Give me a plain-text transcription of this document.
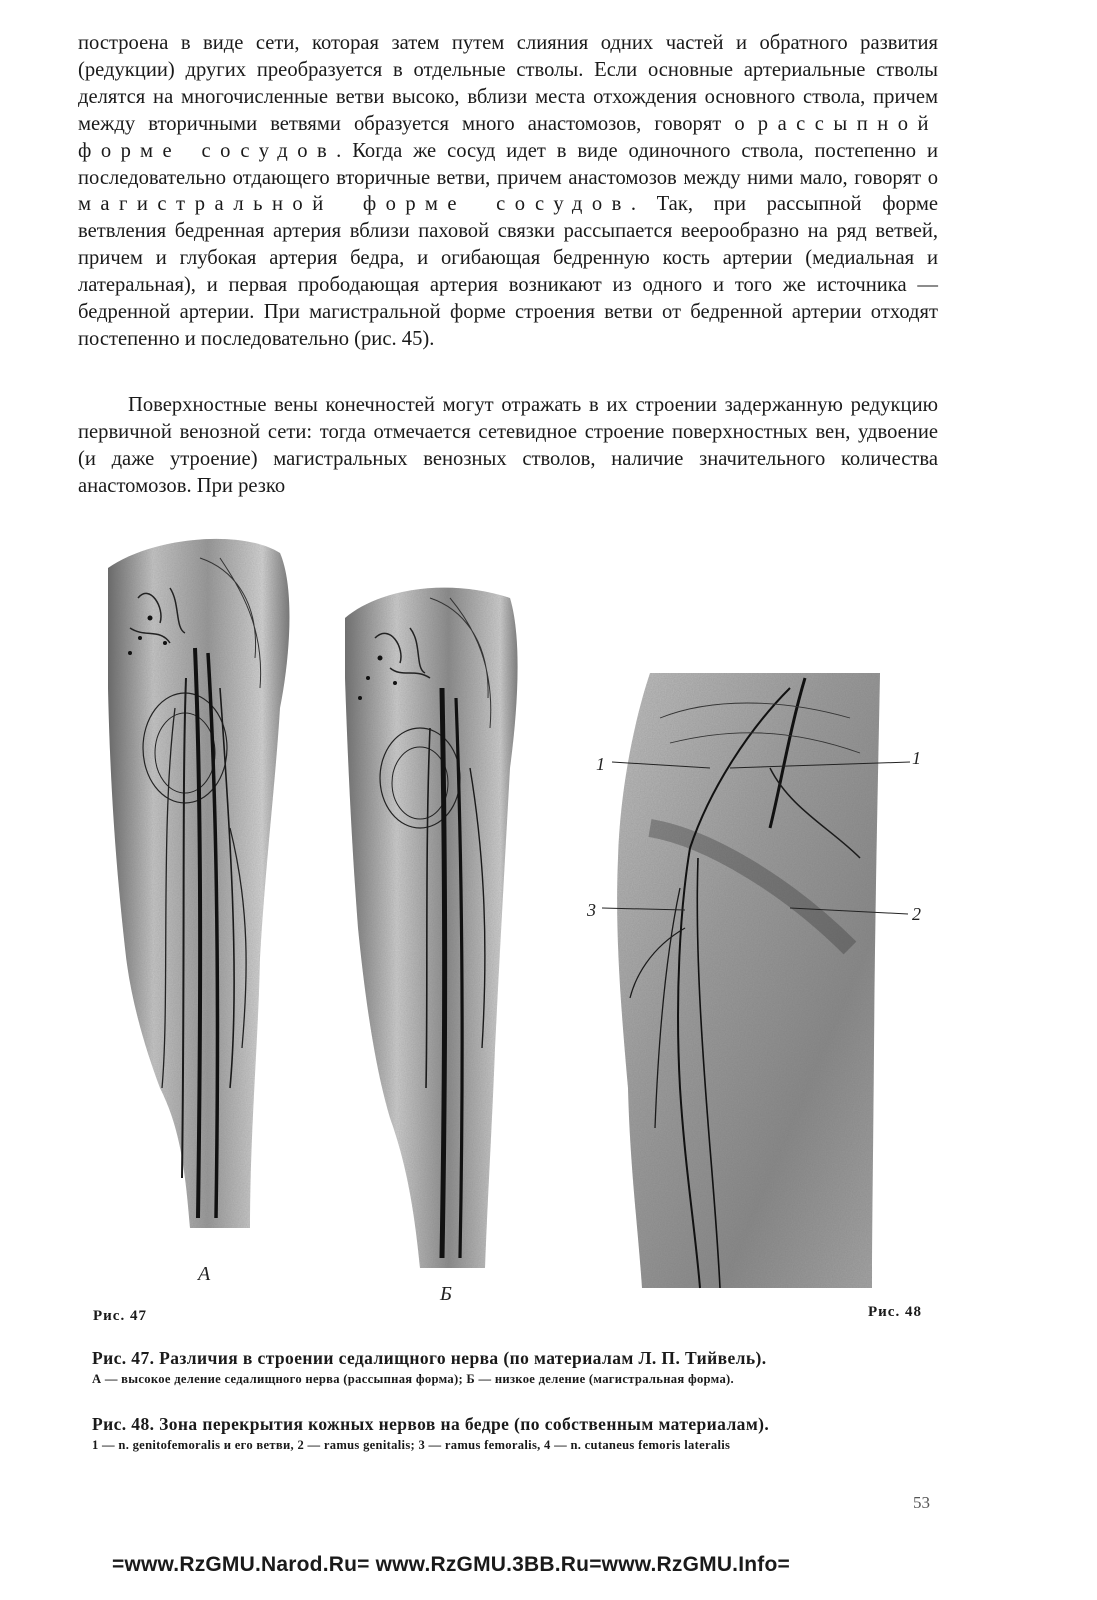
построена в виде сети, которая затем путем слияния одних частей и обратного развития (редукции) других преобразуется в отдельные стволы. Если основные артериальные стволы делятся на многочисленные ветви высоко, вблизи места отхождения основного ствола, причем между вторичными ветвями образуется много анастомозов, говорят о рассыпной форме сосудов. Когда же сосуд идет в виде одиночного ствола, постепенно и последовательно отдающего вторичные ветви, причем анастомозов между ними мало, говорят о магистральной форме сосудов. Так, при рассыпной форме ветвления бедренная артерия вблизи паховой связки рассыпается веерообразно на ряд ветвей, причем и глубокая артерия бедра, и огибающая бедренную кость артерии (медиальная и латеральная), и первая прободающая артерия возникают из одного и того же источника — бедренной артерии. При магистральной форме строения ветви от бедренной артерии отходят постепенно и последовательно (рис. 45).

Поверхностные вены конечностей могут отражать в их строении задержанную редукцию первичной венозной сети: тогда отмечается сетевидное строение поверхностных вен, удвоение (и даже утроение) магистральных венозных стволов, наличие значительного количества анастомозов. При резко

А
Б
1	1
2
3
Рис. 47	Рис. 48

Рис. 47. Различия в строении седалищного нерва (по материалам Л. П. Тийвель).

А — высокое деление седалищного нерва (рассыпная форма); Б — низкое деление (магистральная форма).

Рис. 48. Зона перекрытия кожных нервов на бедре (по собственным материалам).

1 — n. genitofemoralis и его ветви, 2 — ramus genitalis; 3 — ramus femoralis, 4 — n. cutaneus femoris lateralis

53
=www.RzGMU.Narod.Ru= www.RzGMU.3BB.Ru=www.RzGMU.Info=
